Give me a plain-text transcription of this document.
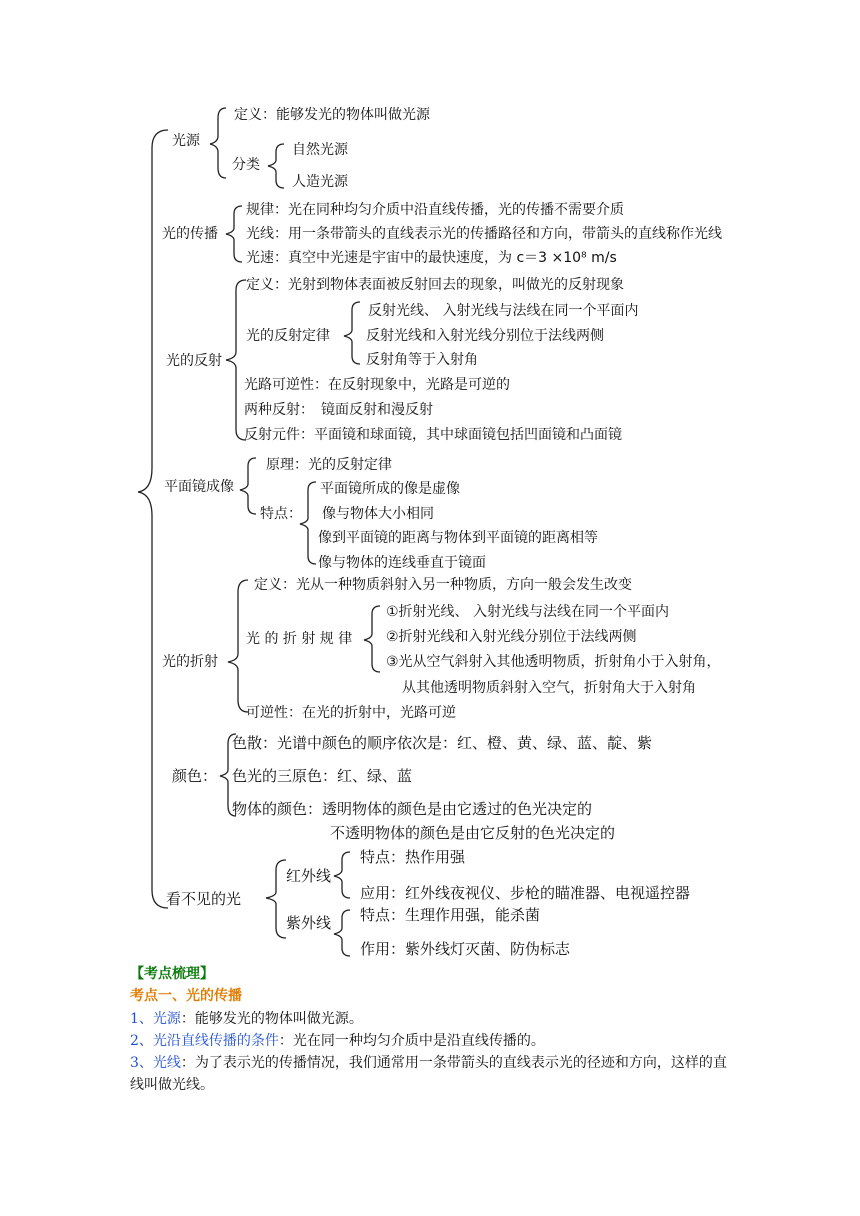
光源
定义：能够发光的物体叫做光源
分类
自然光源
人造光源
光的传播
规律：光在同种均匀介质中沿直线传播，光的传播不需要介质
光线：用一条带箭头的直线表示光的传播路径和方向，带箭头的直线称作光线
光速：真空中光速是宇宙中的最快速度，为 c＝3 ×10⁸ m/s
光的反射
定义：光射到物体表面被反射回去的现象，叫做光的反射现象
光的反射定律
反射光线、 入射光线与法线在同一个平面内
反射光线和入射光线分别位于法线两侧
反射角等于入射角
光路可逆性：在反射现象中，光路是可逆的
两种反射：　镜面反射和漫反射
反射元件：平面镜和球面镜，其中球面镜包括凹面镜和凸面镜
平面镜成像
原理：光的反射定律
特点：
平面镜所成的像是虚像
像与物体大小相同
像到平面镜的距离与物体到平面镜的距离相等
像与物体的连线垂直于镜面
光的折射
定义：光从一种物质斜射入另一种物质，方向一般会发生改变
光 的 折 射 规 律
①折射光线、 入射光线与法线在同一个平面内
②折射光线和入射光线分别位于法线两侧
③光从空气斜射入其他透明物质，折射角小于入射角，
从其他透明物质斜射入空气，折射角大于入射角
可逆性：在光的折射中，光路可逆
颜色：
色散：光谱中颜色的顺序依次是：红、橙、黄、绿、蓝、靛、紫
色光的三原色：红、绿、蓝
物体的颜色：透明物体的颜色是由它透过的色光决定的
不透明物体的颜色是由它反射的色光决定的
看不见的光
红外线
特点：热作用强
应用：红外线夜视仪、步枪的瞄准器、电视遥控器
紫外线 特点：生理作用强，能杀菌
作用：紫外线灯灭菌、防伪标志
【考点梳理】
考点一、光的传播
1、光源：能够发光的物体叫做光源。
2、光沿直线传播的条件：光在同一种均匀介质中是沿直线传播的。
3、光线：为了表示光的传播情况，我们通常用一条带箭头的直线表示光的径迹和方向，这样的直线叫做光线。
